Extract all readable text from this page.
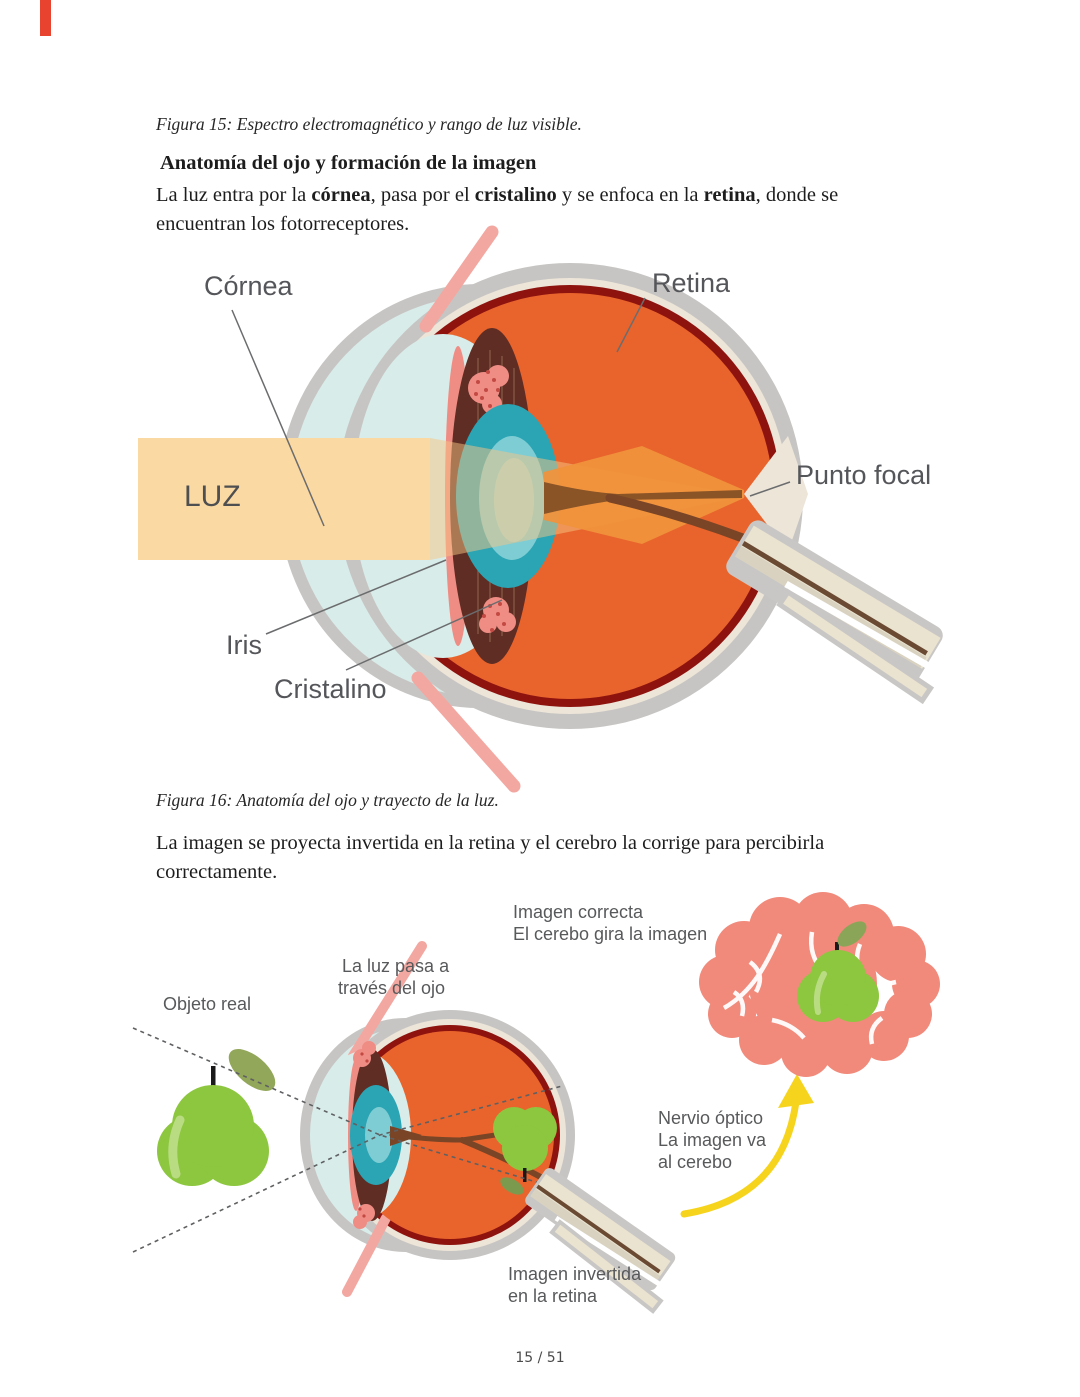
Figura 15: Espectro electromagnético y rango de luz visible.
Anatomía del ojo y formación de la imagen

La luz entra por la córnea, pasa por el cristalino y se enfoca en la retina, donde se
encuentran los fotorreceptores.

Córnea	Retina
LUZ
Punto focal
Iris
Cristalino
Figura 16: Anatomía del ojo y trayecto de la luz.

La imagen se proyecta invertida en la retina y el cerebro la corrige para percibirla
correctamente.

Imagen correcta
El cerebo gira la imagen
La luz pasa a
través del ojo
Objeto real
Nervio óptico
La imagen va
al cerebo
Imagen invertida
en la retina
15 / 51
